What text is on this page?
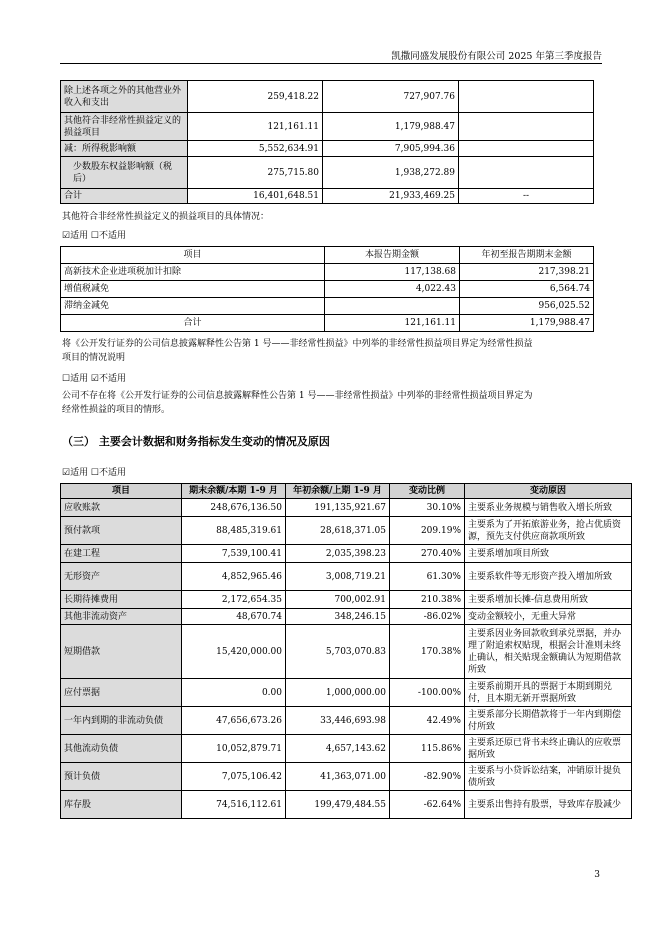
凯撒同盛发展股份有限公司 2025 年第三季度报告
除上述各项之外的其他营业外收入和支出	259,418.22	727,907.76	
其他符合非经常性损益定义的损益项目	121,161.11	1,179,988.47	
减：所得税影响额	5,552,634.91	7,905,994.36	
少数股东权益影响额（税后）	275,715.80	1,938,272.89	
合计	16,401,648.51	21,933,469.25	--
其他符合非经常性损益定义的损益项目的具体情况：
☑适用 ☐不适用
项目	本报告期金额	年初至报告期期末金额
高新技术企业进项税加计扣除	117,138.68	217,398.21
增值税减免	4,022.43	6,564.74
滞纳金减免		956,025.52
合计	121,161.11	1,179,988.47
将《公开发行证券的公司信息披露解释性公告第 1 号——非经常性损益》中列举的非经常性损益项目界定为经常性损益
项目的情况说明
☐适用 ☑不适用
公司不存在将《公开发行证券的公司信息披露解释性公告第 1 号——非经常性损益》中列举的非经常性损益项目界定为
经常性损益的项目的情形。
（三） 主要会计数据和财务指标发生变动的情况及原因
☑适用 ☐不适用
项目	期末余额/本期 1-9 月	年初余额/上期 1-9 月	变动比例	变动原因
应收账款	248,676,136.50	191,135,921.67	30.10%	主要系业务规模与销售收入增长所致
预付款项	88,485,319.61	28,618,371.05	209.19%	主要系为了开拓旅游业务，抢占优质资源，预先支付供应商款项所致
在建工程	7,539,100.41	2,035,398.23	270.40%	主要系增加项目所致
无形资产	4,852,965.46	3,008,719.21	61.30%	主要系软件等无形资产投入增加所致
长期待摊费用	2,172,654.35	700,002.91	210.38%	主要系增加长摊-信息费用所致
其他非流动资产	48,670.74	348,246.15	-86.02%	变动金额较小，无重大异常
短期借款	15,420,000.00	5,703,070.83	170.38%	主要系因业务回款收到承兑票据，并办理了附追索权贴现，根据会计准则未终止确认，相关贴现金额确认为短期借款所致
应付票据	0.00	1,000,000.00	-100.00%	主要系前期开具的票据于本期到期兑付，且本期无新开票据所致
一年内到期的非流动负债	47,656,673.26	33,446,693.98	42.49%	主要系部分长期借款将于一年内到期偿付所致
其他流动负债	10,052,879.71	4,657,143.62	115.86%	主要系还原已背书未终止确认的应收票据所致
预计负债	7,075,106.42	41,363,071.00	-82.90%	主要系与小贷诉讼结案，冲销原计提负债所致
库存股	74,516,112.61	199,479,484.55	-62.64%	主要系出售持有股票，导致库存股减少
3
